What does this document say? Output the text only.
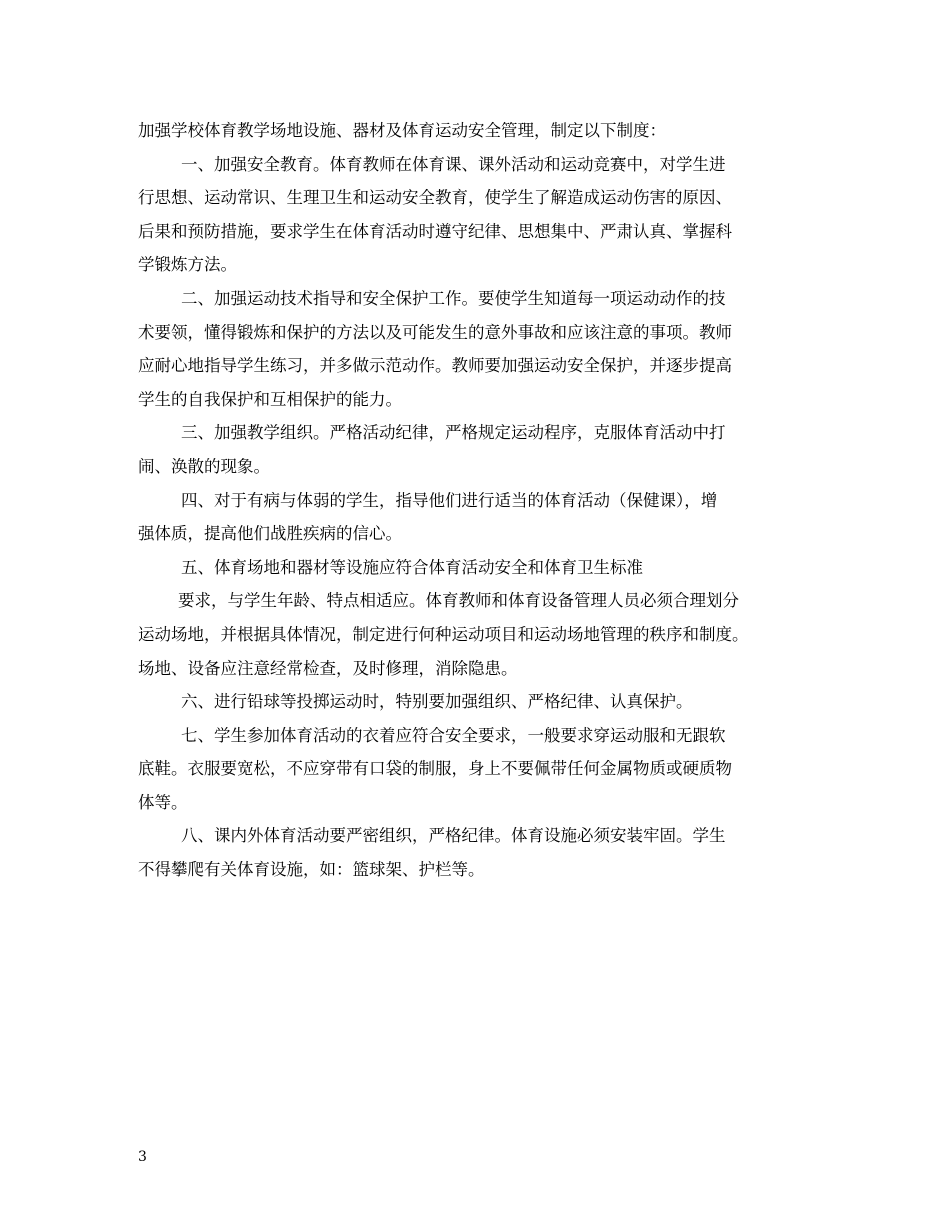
加强学校体育教学场地设施、器材及体育运动安全管理，制定以下制度：
一、加强安全教育。体育教师在体育课、课外活动和运动竞赛中，对学生进
行思想、运动常识、生理卫生和运动安全教育，使学生了解造成运动伤害的原因、
后果和预防措施，要求学生在体育活动时遵守纪律、思想集中、严肃认真、掌握科
学锻炼方法。
二、加强运动技术指导和安全保护工作。要使学生知道每一项运动动作的技
术要领，懂得锻炼和保护的方法以及可能发生的意外事故和应该注意的事项。教师
应耐心地指导学生练习，并多做示范动作。教师要加强运动安全保护，并逐步提高
学生的自我保护和互相保护的能力。
三、加强教学组织。严格活动纪律，严格规定运动程序，克服体育活动中打
闹、涣散的现象。
四、对于有病与体弱的学生，指导他们进行适当的体育活动（保健课），增
强体质，提高他们战胜疾病的信心。
五、体育场地和器材等设施应符合体育活动安全和体育卫生标准
要求，与学生年龄、特点相适应。体育教师和体育设备管理人员必须合理划分
运动场地，并根据具体情况，制定进行何种运动项目和运动场地管理的秩序和制度。
场地、设备应注意经常检查，及时修理，消除隐患。
六、进行铅球等投掷运动时，特别要加强组织、严格纪律、认真保护。
七、学生参加体育活动的衣着应符合安全要求，一般要求穿运动服和无跟软
底鞋。衣服要宽松，不应穿带有口袋的制服，身上不要佩带任何金属物质或硬质物
体等。
八、课内外体育活动要严密组织，严格纪律。体育设施必须安装牢固。学生
不得攀爬有关体育设施，如：篮球架、护栏等。
3
